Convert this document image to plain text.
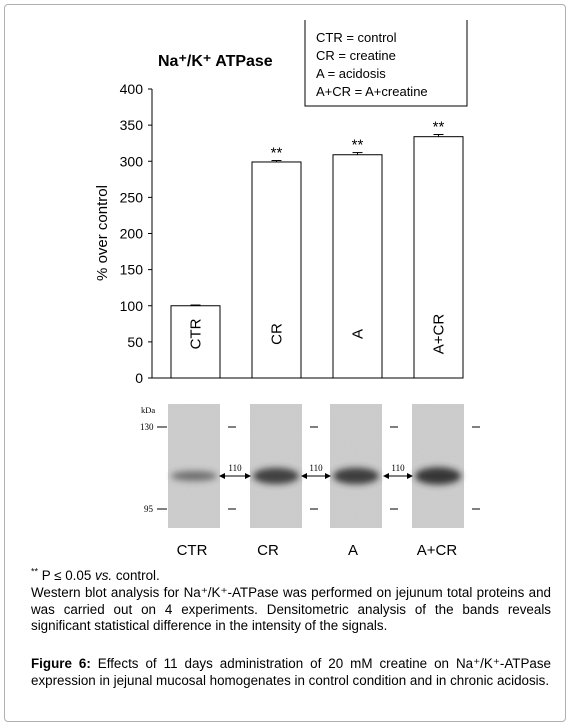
CTR = control
CR = creatine
A = acidosis
A+CR = A+creatine
Na⁺/K⁺ ATPase
% over control
0
50
100
150
200
250
300
350
400
CTR	CR
**
A
**
A+CR
**
kDa
130
95
110	110	110
CTR	CR	A	A+CR
** P ≤ 0.05 vs. control.
Western blot analysis for Na⁺/K⁺-ATPase was performed on jejunum total proteins and was carried out on 4 experiments. Densitometric analysis of the bands reveals significant statistical difference in the intensity of the signals.
Figure 6: Effects of 11 days administration of 20 mM creatine on Na⁺/K⁺-ATPase expression in jejunal mucosal homogenates in control condition and in chronic acidosis.
